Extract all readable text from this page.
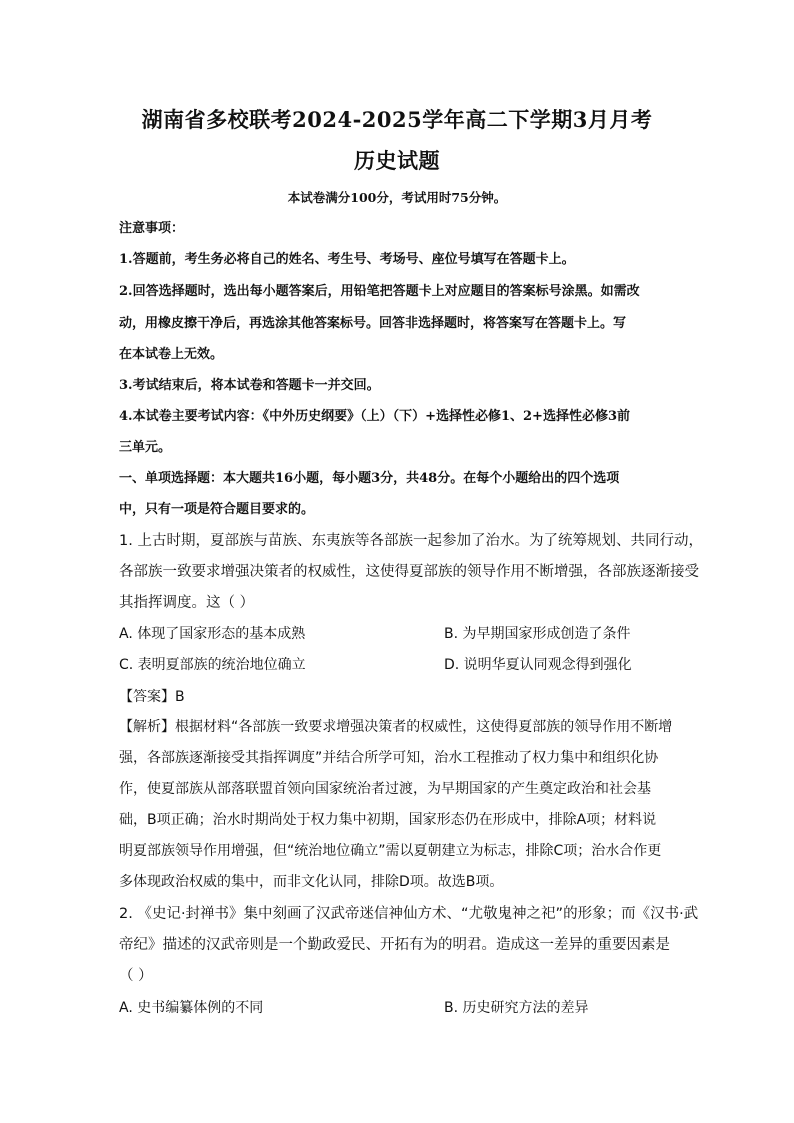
湖南省多校联考2024-2025学年高二下学期3月月考
历史试题
本试卷满分100分，考试用时75分钟。
注意事项：
1.答题前，考生务必将自己的姓名、考生号、考场号、座位号填写在答题卡上。
2.回答选择题时，选出每小题答案后，用铅笔把答题卡上对应题目的答案标号涂黑。如需改
动，用橡皮擦干净后，再选涂其他答案标号。回答非选择题时，将答案写在答题卡上。写
在本试卷上无效。
3.考试结束后，将本试卷和答题卡一并交回。
4.本试卷主要考试内容：《中外历史纲要》（上）（下）+选择性必修1、2+选择性必修3前
三单元。
一、单项选择题：本大题共16小题，每小题3分，共48分。在每个小题给出的四个选项
中，只有一项是符合题目要求的。
1. 上古时期，夏部族与苗族、东夷族等各部族一起参加了治水。为了统筹规划、共同行动，
各部族一致要求增强决策者的权威性，这使得夏部族的领导作用不断增强，各部族逐渐接受
其指挥调度。这（ ）
A. 体现了国家形态的基本成熟	B. 为早期国家形成创造了条件
C. 表明夏部族的统治地位确立	D. 说明华夏认同观念得到强化
【答案】B
【解析】根据材料“各部族一致要求增强决策者的权威性，这使得夏部族的领导作用不断增
强，各部族逐渐接受其指挥调度”并结合所学可知，治水工程推动了权力集中和组织化协
作，使夏部族从部落联盟首领向国家统治者过渡，为早期国家的产生奠定政治和社会基
础，B项正确；治水时期尚处于权力集中初期，国家形态仍在形成中，排除A项；材料说
明夏部族领导作用增强，但“统治地位确立”需以夏朝建立为标志，排除C项；治水合作更
多体现政治权威的集中，而非文化认同，排除D项。故选B项。
2. 《史记·封禅书》集中刻画了汉武帝迷信神仙方术、“尤敬鬼神之祀”的形象；而《汉书·武
帝纪》描述的汉武帝则是一个勤政爱民、开拓有为的明君。造成这一差异的重要因素是
（ ）
A. 史书编纂体例的不同	B. 历史研究方法的差异
